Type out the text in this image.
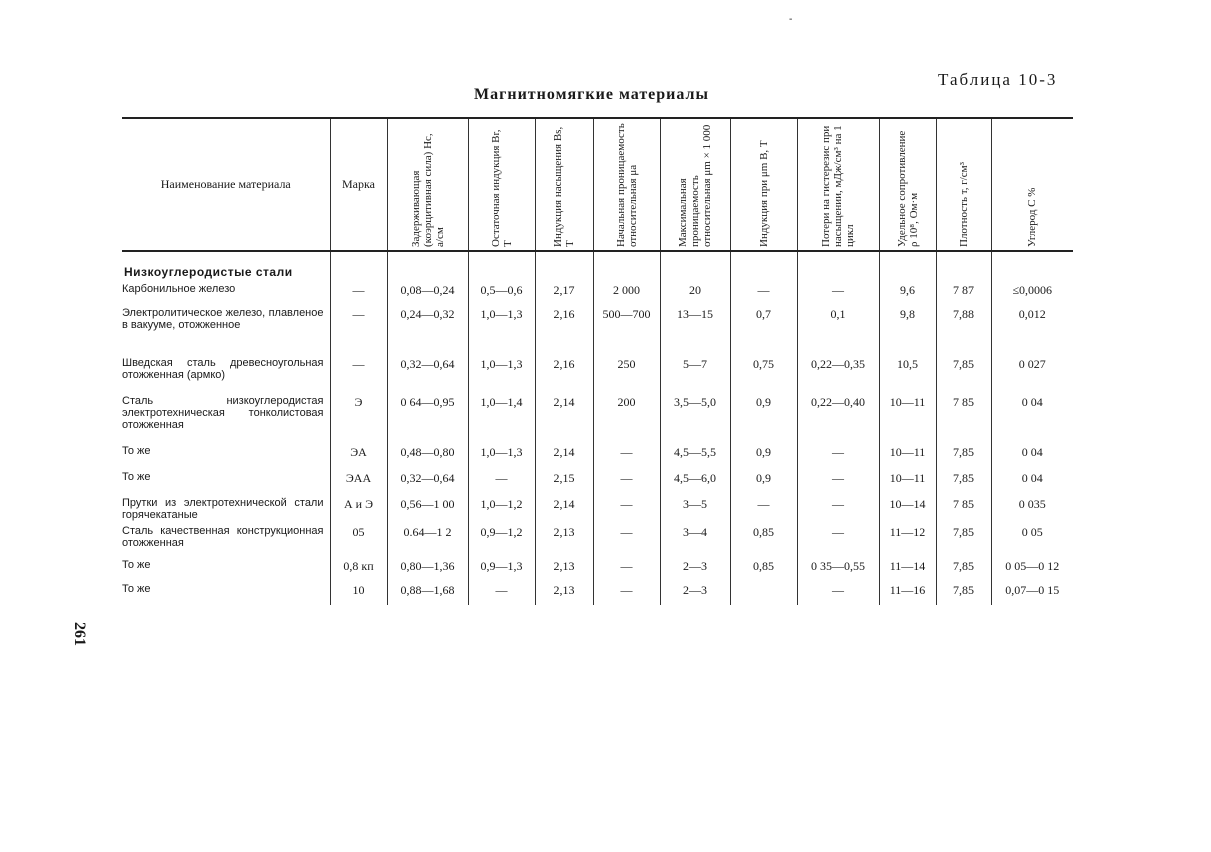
-
Таблица 10-3
Магнитномягкие материалы
261
Наименование материала	Марка	Задерживающая (коэрцитивная сила) Hc, а/см	Остаточная индукция Br, Т	Индукция насыщения Bs, Т	Начальная проницаемость относительная μa	Максимальная проницаемость относительная μm × 1 000	Индукция при μm B, Т	Потери на гистерезис при насыщении, мДж/см³ на 1 цикл	Удельное сопротивление ρ 10⁸, Ом·м	Плотность т, г/см³	Углерод С %

Низкоуглеродистые стали											
Карбонильное железо	—	0,08—0,24	0,5—0,6	2,17	2 000	20	—	—	9,6	7 87	≤0,0006
Электролитическое железо, плавленое в вакууме, отожженное	—	0,24—0,32	1,0—1,3	2,16	500—700	13—15	0,7	0,1	9,8	7,88	0,012
Шведская сталь древесноугольная отожженная (армко)	—	0,32—0,64	1,0—1,3	2,16	250	5—7	0,75	0,22—0,35	10,5	7,85	0 027
Сталь низкоуглеродистая электротехническая тонколистовая отожженная	Э	0 64—0,95	1,0—1,4	2,14	200	3,5—5,0	0,9	0,22—0,40	10—11	7 85	0 04
То же	ЭА	0,48—0,80	1,0—1,3	2,14	—	4,5—5,5	0,9	—	10—11	7,85	0 04
То же	ЭАА	0,32—0,64	—	2,15	—	4,5—6,0	0,9	—	10—11	7,85	0 04
Прутки из электротехнической стали горячекатаные	А и Э	0,56—1 00	1,0—1,2	2,14	—	3—5	—	—	10—14	7 85	0 035
Сталь качественная конструкционная отожженная	05	0.64—1 2	0,9—1,2	2,13	—	3—4	0,85	—	11—12	7,85	0 05
То же	0,8 кп	0,80—1,36	0,9—1,3	2,13	—	2—3	0,85	0 35—0,55	11—14	7,85	0 05—0 12
То же	10	0,88—1,68	—	2,13	—	2—3		—	11—16	7,85	0,07—0 15
